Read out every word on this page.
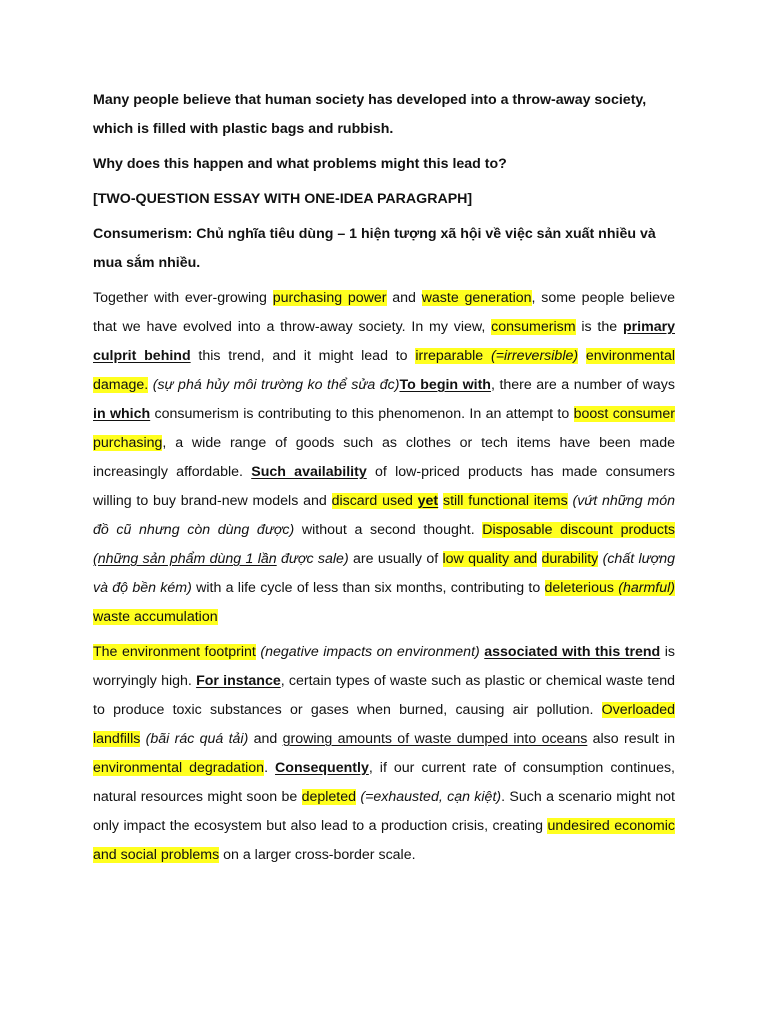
Many people believe that human society has developed into a throw-away society, which is filled with plastic bags and rubbish.

Why does this happen and what problems might this lead to?

[TWO-QUESTION ESSAY WITH ONE-IDEA PARAGRAPH]

Consumerism: Chủ nghĩa tiêu dùng – 1 hiện tượng xã hội về việc sản xuất nhiều và mua sắm nhiều.

Together with ever-growing purchasing power and waste generation, some people believe that we have evolved into a throw-away society. In my view, consumerism is the primary culprit behind this trend, and it might lead to irreparable (=irreversible) environmental damage. (sự phá hủy môi trường ko thể sửa đc)To begin with, there are a number of ways in which consumerism is contributing to this phenomenon. In an attempt to boost consumer purchasing, a wide range of goods such as clothes or tech items have been made increasingly affordable. Such availability of low-priced products has made consumers willing to buy brand-new models and discard used yet still functional items (vứt những món đồ cũ nhưng còn dùng được) without a second thought. Disposable discount products (những sản phẩm dùng 1 lần được sale) are usually of low quality and durability (chất lượng và độ bền kém) with a life cycle of less than six months, contributing to deleterious (harmful) waste accumulation

The environment footprint (negative impacts on environment) associated with this trend is worryingly high. For instance, certain types of waste such as plastic or chemical waste tend to produce toxic substances or gases when burned, causing air pollution. Overloaded landfills (bãi rác quá tải) and growing amounts of waste dumped into oceans also result in environmental degradation. Consequently, if our current rate of consumption continues, natural resources might soon be depleted (=exhausted, cạn kiệt). Such a scenario might not only impact the ecosystem but also lead to a production crisis, creating undesired economic and social problems on a larger cross-border scale.
